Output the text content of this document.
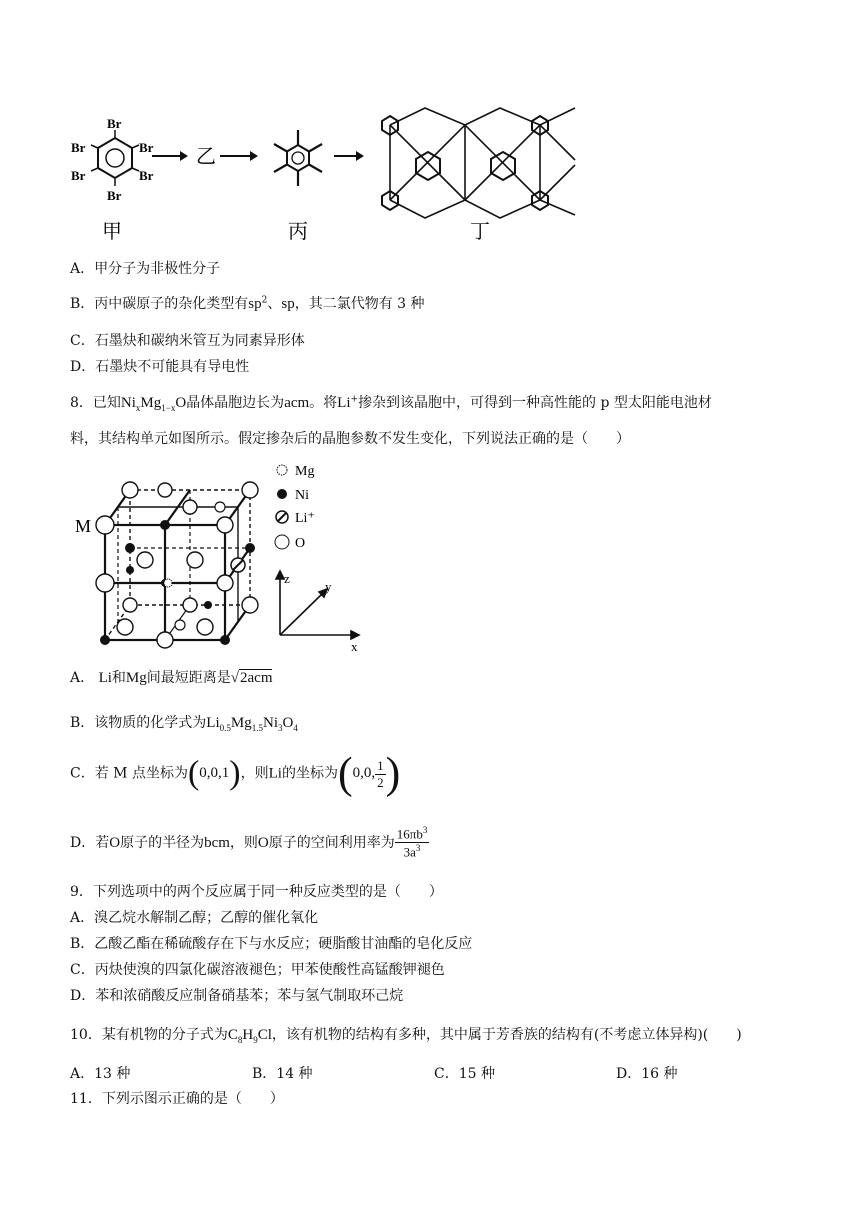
Br
Br
Br
Br
Br
Br
乙
甲	丙	丁
A．甲分子为非极性分子
B．丙中碳原子的杂化类型有$sp^2$、sp，其二氯代物有 3 种
C．石墨炔和碳纳米管互为同素异形体
D．石墨炔不可能具有导电性
8．已知$Ni_xMg_{1-x}O$晶体晶胞边长为acm。将Li+掺杂到该晶胞中，可得到一种高性能的 p 型太阳能电池材
料，其结构单元如图所示。假定掺杂后的晶胞参数不发生变化，下列说法正确的是（　　）
M
Mg
Ni
Li⁺
O
z
y
x
A． Li和Mg间最短距离是√2acm
B．该物质的化学式为$Li_{0.5}Mg_{1.5}Ni_3O_4$
C．若 M 点坐标为(0,0,1)，则Li的坐标为(0,0, $\frac{1}{2}$ )
D．若O原子的半径为bcm，则O原子的空间利用率为 $\frac{16\pi b^3}{3a^3}$
9．下列选项中的两个反应属于同一种反应类型的是（　　）
A．溴乙烷水解制乙醇；乙醇的催化氧化
B．乙酸乙酯在稀硫酸存在下与水反应；硬脂酸甘油酯的皂化反应
C．丙炔使溴的四氯化碳溶液褪色；甲苯使酸性高锰酸钾褪色
D．苯和浓硝酸反应制备硝基苯；苯与氢气制取环己烷
10．某有机物的分子式为$C_8H_9Cl$，该有机物的结构有多种，其中属于芳香族的结构有(不考虑立体异构)(　　)
A．13 种	B．14 种	C．15 种	D．16 种
11．下列示图示正确的是（　　）
